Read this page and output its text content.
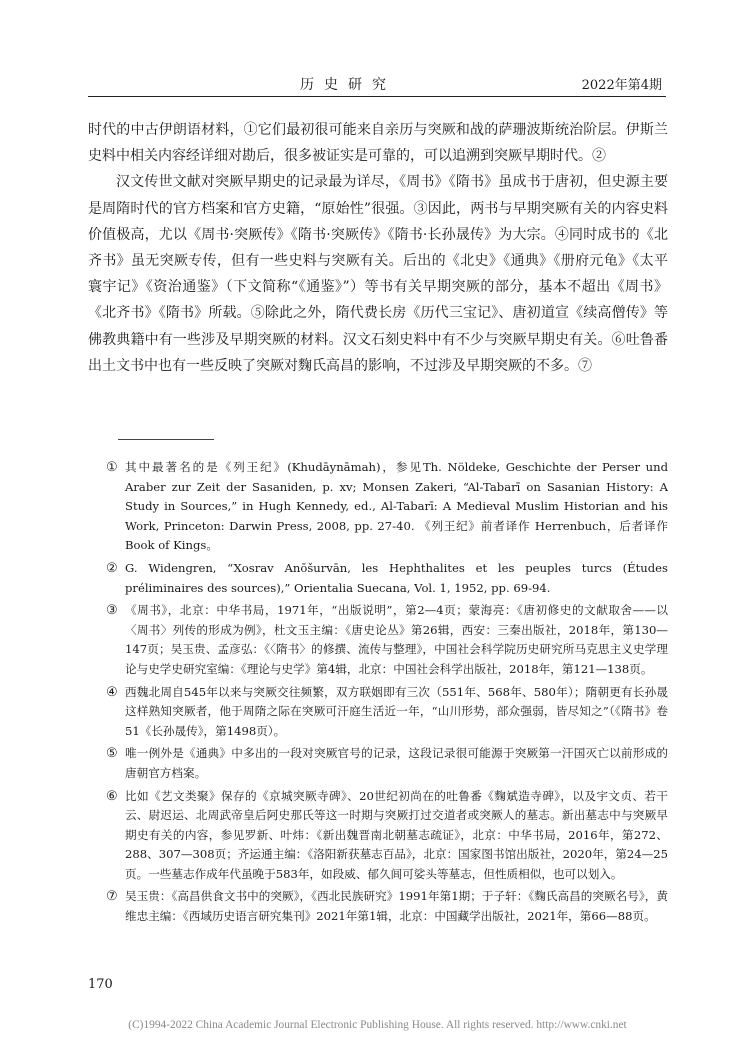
历史研究	2022年第4期

时代的中古伊朗语材料，①它们最初很可能来自亲历与突厥和战的萨珊波斯统治阶层。伊斯兰史料中相关内容经详细对勘后，很多被证实是可靠的，可以追溯到突厥早期时代。②

汉文传世文献对突厥早期史的记录最为详尽，《周书》《隋书》虽成书于唐初，但史源主要是周隋时代的官方档案和官方史籍，“原始性”很强。③因此，两书与早期突厥有关的内容史料价值极高，尤以《周书·突厥传》《隋书·突厥传》《隋书·长孙晟传》为大宗。④同时成书的《北齐书》虽无突厥专传，但有一些史料与突厥有关。后出的《北史》《通典》《册府元龟》《太平寰宇记》《资治通鉴》（下文简称“《通鉴》”）等书有关早期突厥的部分，基本不超出《周书》《北齐书》《隋书》所载。⑤除此之外，隋代费长房《历代三宝记》、唐初道宣《续高僧传》等佛教典籍中有一些涉及早期突厥的材料。汉文石刻史料中有不少与突厥早期史有关。⑥吐鲁番出土文书中也有一些反映了突厥对麴氏高昌的影响，不过涉及早期突厥的不多。⑦

① 其中最著名的是《列王纪》(Khudāynāmah)，参见Th. Nöldeke, Geschichte der Perser und Araber zur Zeit der Sasaniden, p. xv; Monsen Zakeri, “Al-Tabarī on Sasanian History: A Study in Sources,” in Hugh Kennedy, ed., Al-Tabarī: A Medieval Muslim Historian and his Work, Princeton: Darwin Press, 2008, pp. 27-40. 《列王纪》前者译作 Herrenbuch，后者译作 Book of Kings。
② G. Widengren, “Xosrav Anōšurvān, les Hephthalites et les peuples turcs (Études préliminaires des sources),” Orientalia Suecana, Vol. 1, 1952, pp. 69-94.
③ 《周书》，北京：中华书局，1971年，“出版说明”，第2—4页；蒙海亮：《唐初修史的文献取舍——以〈周书〉列传的形成为例》，杜文玉主编：《唐史论丛》第26辑，西安：三秦出版社，2018年，第130—147页；吴玉贵、孟彦弘：《〈隋书〉的修撰、流传与整理》，中国社会科学院历史研究所马克思主义史学理论与史学史研究室编：《理论与史学》第4辑，北京：中国社会科学出版社，2018年，第121—138页。
④ 西魏北周自545年以来与突厥交往频繁，双方联姻即有三次（551年、568年、580年）；隋朝更有长孙晟这样熟知突厥者，他于周隋之际在突厥可汗庭生活近一年，“山川形势，部众强弱，皆尽知之”（《隋书》卷51《长孙晟传》，第1498页）。
⑤ 唯一例外是《通典》中多出的一段对突厥官号的记录，这段记录很可能源于突厥第一汗国灭亡以前形成的唐朝官方档案。
⑥ 比如《艺文类聚》保存的《京城突厥寺碑》、20世纪初尚在的吐鲁番《麴斌造寺碑》，以及宇文贞、若干云、尉迟运、北周武帝皇后阿史那氏等这一时期与突厥打过交道者或突厥人的墓志。新出墓志中与突厥早期史有关的内容，参见罗新、叶炜：《新出魏晋南北朝墓志疏证》，北京：中华书局，2016年，第272、288、307—308页；齐运通主编：《洛阳新获墓志百品》，北京：国家图书馆出版社，2020年，第24—25页。一些墓志作成年代虽晚于583年，如段威、郁久闾可娑头等墓志，但性质相似，也可以划入。
⑦ 吴玉贵：《高昌供食文书中的突厥》，《西北民族研究》1991年第1期；于子轩：《麴氏高昌的突厥名号》，黄维忠主编：《西域历史语言研究集刊》2021年第1辑，北京：中国藏学出版社，2021年，第66—88页。
170
(C)1994-2022 China Academic Journal Electronic Publishing House. All rights reserved. http://www.cnki.net
